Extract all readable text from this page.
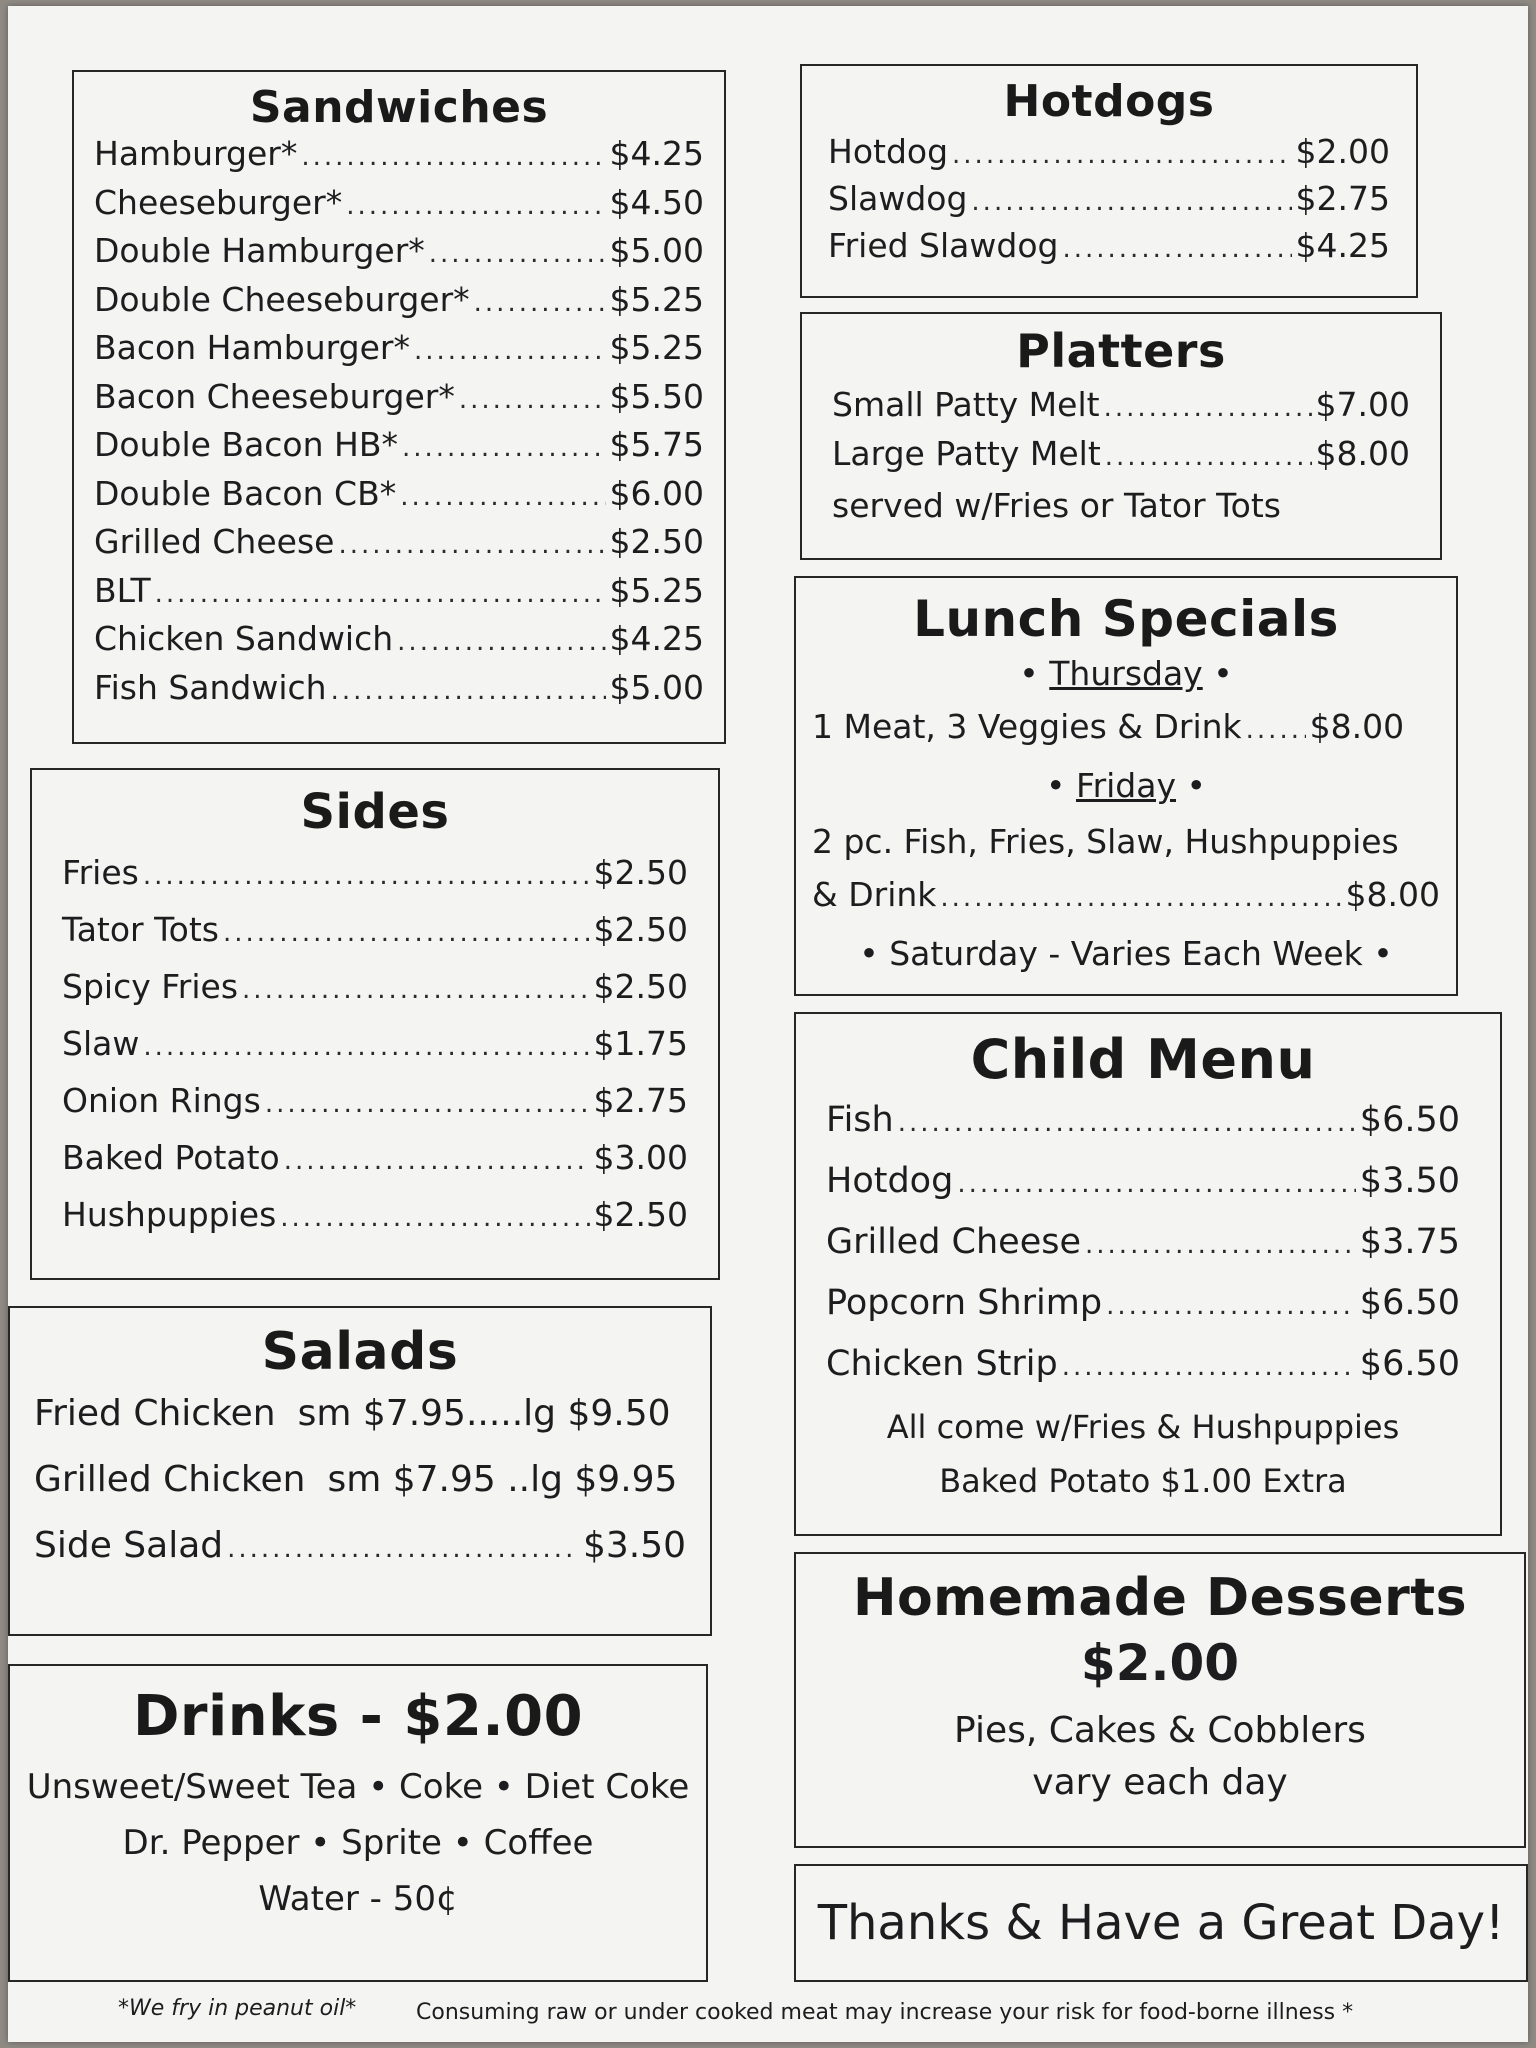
Sandwiches
Hamburger* .....	$4.25
Cheeseburger* .....	$4.50
Double Hamburger* .....	$5.00
Double Cheeseburger* .....	$5.25
Bacon Hamburger* .....	$5.25
Bacon Cheeseburger* .....	$5.50
Double Bacon HB* .....	$5.75
Double Bacon CB* .....	$6.00
Grilled Cheese .....	$2.50
BLT .....	$5.25
Chicken Sandwich .....	$4.25
Fish Sandwich .....	$5.00
Sides
Fries .....	$2.50
Tator Tots .....	$2.50
Spicy Fries .....	$2.50
Slaw .....	$1.75
Onion Rings .....	$2.75
Baked Potato .....	$3.00
Hushpuppies .....	$2.50
Salads
Fried Chicken sm $7.95.....lg $9.50
Grilled Chicken sm $7.95 ..lg $9.95
Side Salad .....	$3.50
Drinks - $2.00
Unsweet/Sweet Tea • Coke • Diet Coke
Dr. Pepper • Sprite • Coffee
Water - 50¢
Hotdogs
Hotdog .....	$2.00
Slawdog .....	$2.75
Fried Slawdog .....	$4.25
Platters
Small Patty Melt .....	$7.00
Large Patty Melt .....	$8.00
served w/Fries or Tator Tots
Lunch Specials
• Thursday •
1 Meat, 3 Veggies & Drink ..... $8.00
• Friday •
2 pc. Fish, Fries, Slaw, Hushpuppies
& Drink .....	$8.00
• Saturday - Varies Each Week •
Child Menu
Fish .....	$6.50
Hotdog .....	$3.50
Grilled Cheese .....	$3.75
Popcorn Shrimp .....	$6.50
Chicken Strip .....	$6.50
All come w/Fries & Hushpuppies
Baked Potato $1.00 Extra
Homemade Desserts
$2.00
Pies, Cakes & Cobblers
vary each day
Thanks & Have a Great Day!
*We fry in peanut oil*	Consuming raw or under cooked meat may increase your risk for food-borne illness *
